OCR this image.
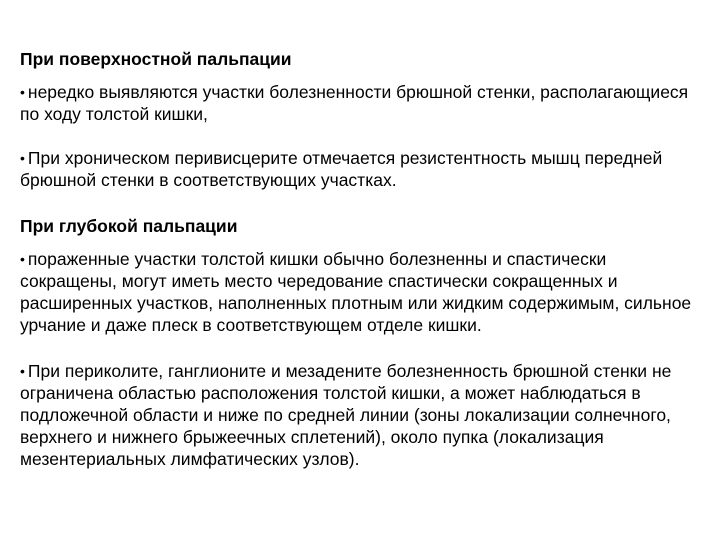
При поверхностной пальпации

• нередко выявляются участки болезненности брюшной стенки, располагающиеся по ходу толстой кишки,

• При хроническом перивисцерите отмечается резистентность мышц передней брюшной стенки в соответствующих участках.

При глубокой пальпации

• пораженные участки толстой кишки обычно болезненны и спастически сокращены, могут иметь место чередование спастически сокращенных и расширенных участков, наполненных плотным или жидким содержимым, сильное урчание и даже плеск в соответствующем отделе кишки.

• При периколите, ганглионите и мезадените болезненность брюшной стенки не ограничена областью расположения толстой кишки, а может наблюдаться в подложечной области и ниже по средней линии (зоны локализации солнечного, верхнего и нижнего брыжеечных сплетений), около пупка (локализация мезентериальных лимфатических узлов).
